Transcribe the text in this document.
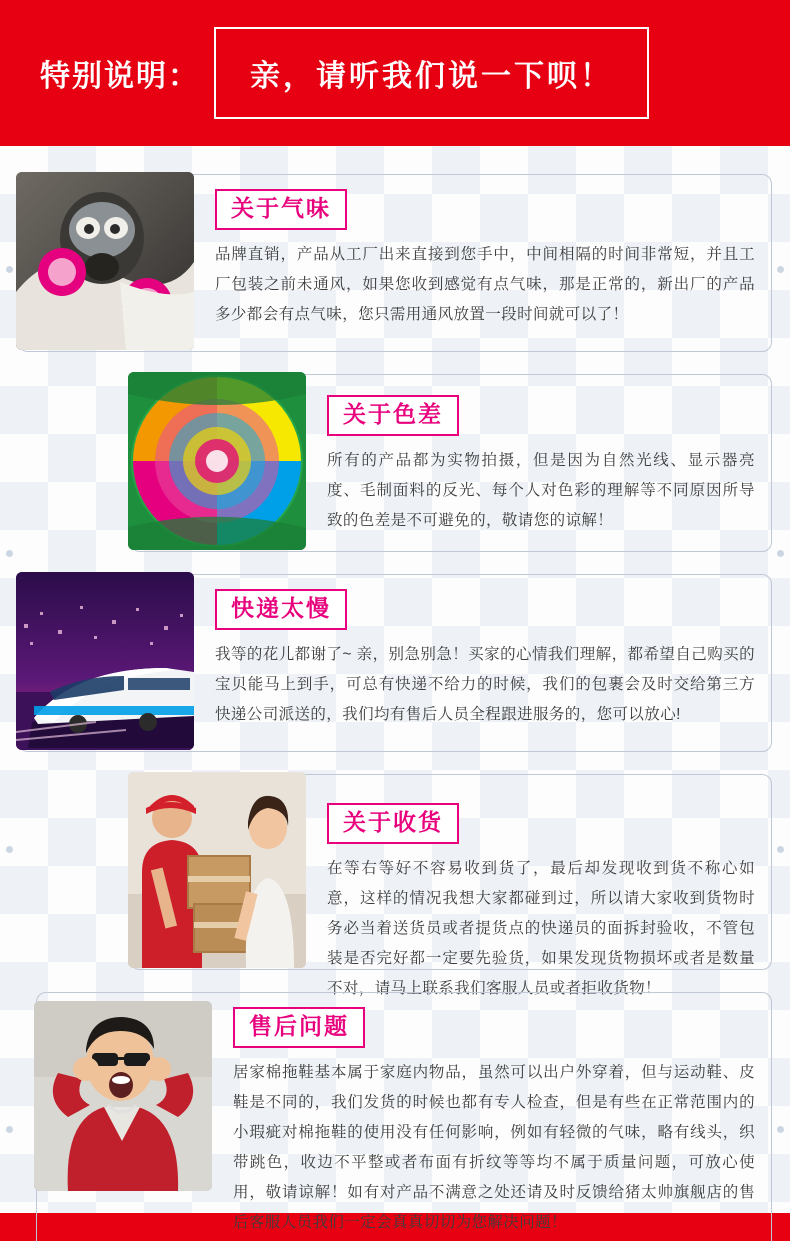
特别说明： 亲，请听我们说一下呗！
关于气味

品牌直销，产品从工厂出来直接到您手中，中间相隔的时间非常短，并且工厂包装之前未通风，如果您收到感觉有点气味，那是正常的，新出厂的产品多少都会有点气味，您只需用通风放置一段时间就可以了！

关于色差

所有的产品都为实物拍摄，但是因为自然光线、显示器亮度、毛制面料的反光、每个人对色彩的理解等不同原因所导致的色差是不可避免的，敬请您的谅解！

快递太慢

我等的花儿都谢了~ 亲，别急别急！买家的心情我们理解，都希望自己购买的宝贝能马上到手，可总有快递不给力的时候，我们的包裹会及时交给第三方快递公司派送的，我们均有售后人员全程跟进服务的，您可以放心!

关于收货

在等右等好不容易收到货了，最后却发现收到货不称心如意，这样的情况我想大家都碰到过，所以请大家收到货物时务必当着送货员或者提货点的快递员的面拆封验收，不管包装是否完好都一定要先验货，如果发现货物损坏或者是数量不对，请马上联系我们客服人员或者拒收货物！

售后问题

居家棉拖鞋基本属于家庭内物品，虽然可以出户外穿着，但与运动鞋、皮鞋是不同的，我们发货的时候也都有专人检查，但是有些在正常范围内的小瑕疵对棉拖鞋的使用没有任何影响，例如有轻微的气味，略有线头，织带跳色，收边不平整或者布面有折纹等等均不属于质量问题，可放心使用，敬请谅解！如有对产品不满意之处还请及时反馈给猪太帅旗舰店的售后客服人员我们一定会真真切切为您解决问题！
